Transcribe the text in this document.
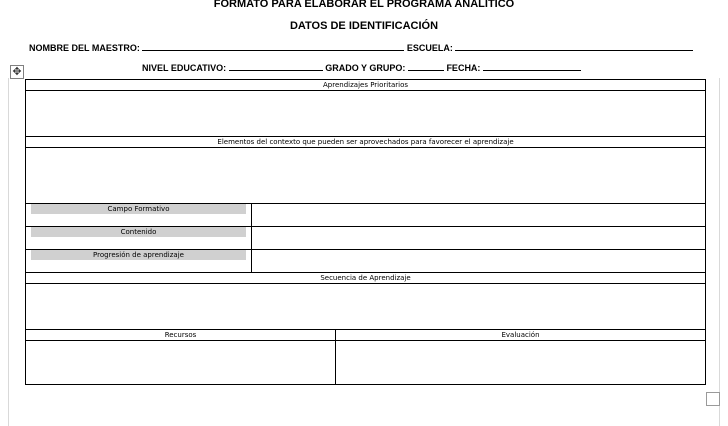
FORMATO PARA ELABORAR EL PROGRAMA ANALITICO
DATOS DE IDENTIFICACIÓN
NOMBRE DEL MAESTRO:	ESCUELA:
NIVEL EDUCATIVO:	GRADO Y GRUPO:	FECHA:
✥
Aprendizajes Prioritarios		

Elementos del contexto que pueden ser aprovechados para favorecer el aprendizaje		

Campo Formativo		

Contenido		

Progresión de aprendizaje		

Secuencia de Aprendizaje		

Recursos		Evaluación
